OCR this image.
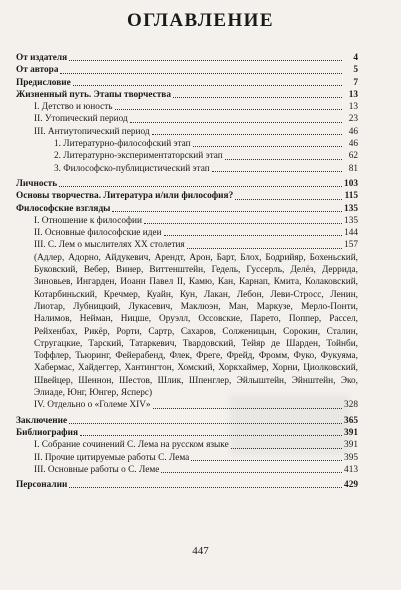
ОГЛАВЛЕНИЕ
От издателя	4
От автора	5
Предисловие	7
Жизненный путь. Этапы творчества	13
I. Детство и юность	13
II. Утопический период	23
III. Антиутопический период	46
1. Литературно-философский этап	46
2. Литературно-экспериментаторский этап	62
3. Философско-публицистический этап	81
Личность	103
Основы творчества. Литература и/или философия?	115
Философские взгляды	135
I. Отношение к философии	135
II. Основные философские идеи	144
III. С. Лем о мыслителях XX столетия	157
(Адлер, Адорно, Айдукевич, Арендт, Арон, Барт, Блох, Бодрийяр, Бохеньский, Буковский, Вебер, Винер, Виттенштейн, Гедель, Гуссерль, Делёз, Деррида, Зиновьев, Ингарден, Иоанн Павел II, Камю, Кан, Карнап, Кмита, Колаковский, Котарбиньский, Кречмер, Куайн, Кун, Лакан, Лебон, Леви-Стросс, Ленин, Лиотар, Лубницкий, Лукасевич, Маклюэн, Ман, Маркузе, Мерло-Понти, Налимов, Нейман, Ницше, Оруэлл, Оссовские, Парето, Поппер, Рассел, Рейхенбах, Рикёр, Рорти, Сартр, Сахаров, Солженицын, Сорокин, Сталин, Стругацкие, Тарский, Татаркевич, Твардовский, Тейяр де Шарден, Тойнби, Тоффлер, Тьюринг, Фейерабенд, Флек, Фреге, Фрейд, Фромм, Фуко, Фукуяма, Хабермас, Хайдеггер, Хантингтон, Хомский, Хоркхаймер, Хорни, Циолковский, Швейцер, Шеннон, Шестов, Шлик, Шпенглер, Эйлыштейн, Эйнштейн, Эко, Элиаде, Юнг, Юнгер, Ясперс)
IV. Отдельно о «Големе XIV»	328
Заключение	365
Библиография	391
I. Собрание сочинений С. Лема на русском языке	391
II. Прочие цитируемые работы С. Лема	395
III. Основные работы о С. Леме	413
Персоналии	429
447
